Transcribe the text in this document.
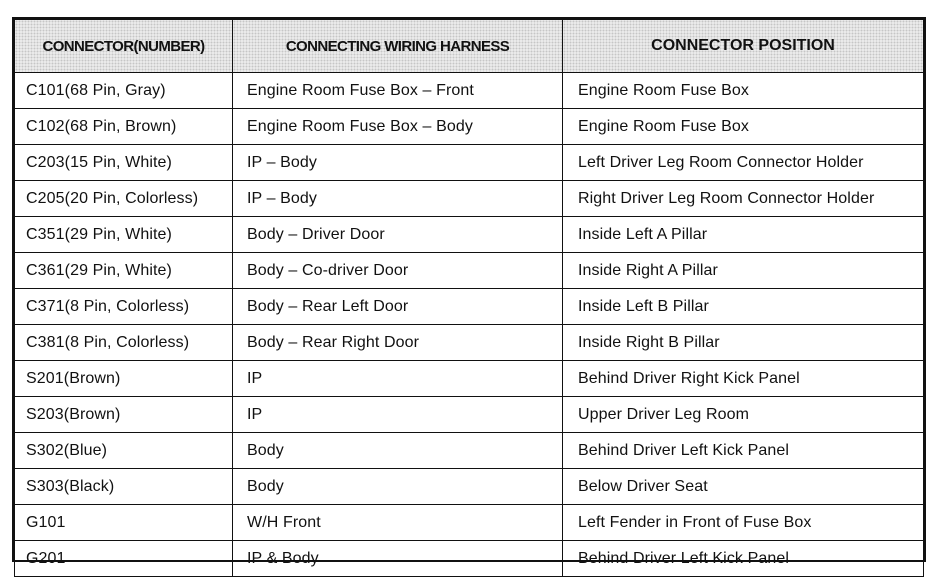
CONNECTOR(NUMBER)	CONNECTING WIRING HARNESS	CONNECTOR POSITION
C101(68 Pin, Gray)	Engine Room Fuse Box – Front	Engine Room Fuse Box
C102(68 Pin, Brown)	Engine Room Fuse Box – Body	Engine Room Fuse Box
C203(15 Pin, White)	IP – Body	Left Driver Leg Room Connector Holder
C205(20 Pin, Colorless)	IP – Body	Right Driver Leg Room Connector Holder
C351(29 Pin, White)	Body – Driver Door	Inside Left A Pillar
C361(29 Pin, White)	Body – Co-driver Door	Inside Right A Pillar
C371(8 Pin, Colorless)	Body – Rear Left Door	Inside Left B Pillar
C381(8 Pin, Colorless)	Body – Rear Right Door	Inside Right B Pillar
S201(Brown)	IP	Behind Driver Right Kick Panel
S203(Brown)	IP	Upper Driver Leg Room
S302(Blue)	Body	Behind Driver Left Kick Panel
S303(Black)	Body	Below Driver Seat
G101	W/H Front	Left Fender in Front of Fuse Box
G201	IP & Body	Behind Driver Left Kick Panel
